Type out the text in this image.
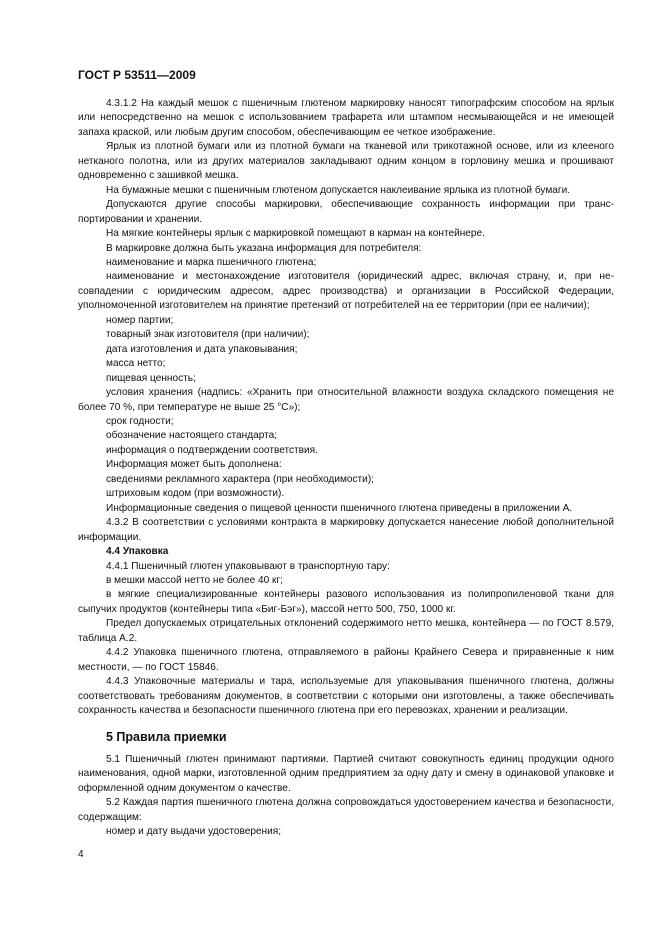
ГОСТ Р 53511—2009

4.3.1.2 На каждый мешок с пшеничным глютеном маркировку наносят типографским способом на ярлык или непосредственно на мешок с использованием трафарета или штампом несмывающейся и не имеющей запаха краской, или любым другим способом, обеспечивающим ее четкое изображение.

Ярлык из плотной бумаги или из плотной бумаги на тканевой или трикотажной основе, или из клееного нетканого полотна, или из других материалов закладывают одним концом в горловину мешка и прошивают одновременно с зашивкой мешка.

На бумажные мешки с пшеничным глютеном допускается наклеивание ярлыка из плотной бумаги.

Допускаются другие способы маркировки, обеспечивающие сохранность информации при транспортировании и хранении.

На мягкие контейнеры ярлык с маркировкой помещают в карман на контейнере.

В маркировке должна быть указана информация для потребителя:

наименование и марка пшеничного глютена;

наименование и местонахождение изготовителя (юридический адрес, включая страну, и, при несовпадении с юридическим адресом, адрес производства) и организации в Российской Федерации, уполномоченной изготовителем на принятие претензий от потребителей на ее территории (при ее наличии);

номер партии;

товарный знак изготовителя (при наличии);

дата изготовления и дата упаковывания;

масса нетто;

пищевая ценность;

условия хранения (надпись: «Хранить при относительной влажности воздуха складского помещения не более 70 %, при температуре не выше 25 °С»);

срок годности;

обозначение настоящего стандарта;

информация о подтверждении соответствия.

Информация может быть дополнена:

сведениями рекламного характера (при необходимости);

штриховым кодом (при возможности).

Информационные сведения о пищевой ценности пшеничного глютена приведены в приложении А.

4.3.2 В соответствии с условиями контракта в маркировку допускается нанесение любой дополнительной информации.

4.4 Упаковка

4.4.1 Пшеничный глютен упаковывают в транспортную тару:

в мешки массой нетто не более 40 кг;

в мягкие специализированные контейнеры разового использования из полипропиленовой ткани для сыпучих продуктов (контейнеры типа «Биг-Бэг»), массой нетто 500, 750, 1000 кг.

Предел допускаемых отрицательных отклонений содержимого нетто мешка, контейнера — по ГОСТ 8.579, таблица А.2.

4.4.2 Упаковка пшеничного глютена, отправляемого в районы Крайнего Севера и приравненные к ним местности, — по ГОСТ 15846.

4.4.3 Упаковочные материалы и тара, используемые для упаковывания пшеничного глютена, должны соответствовать требованиям документов, в соответствии с которыми они изготовлены, а также обеспечивать сохранность качества и безопасности пшеничного глютена при его перевозках, хранении и реализации.

5 Правила приемки

5.1 Пшеничный глютен принимают партиями. Партией считают совокупность единиц продукции одного наименования, одной марки, изготовленной одним предприятием за одну дату и смену в одинаковой упаковке и оформленной одним документом о качестве.

5.2 Каждая партия пшеничного глютена должна сопровождаться удостоверением качества и безопасности, содержащим:

номер и дату выдачи удостоверения;

4
